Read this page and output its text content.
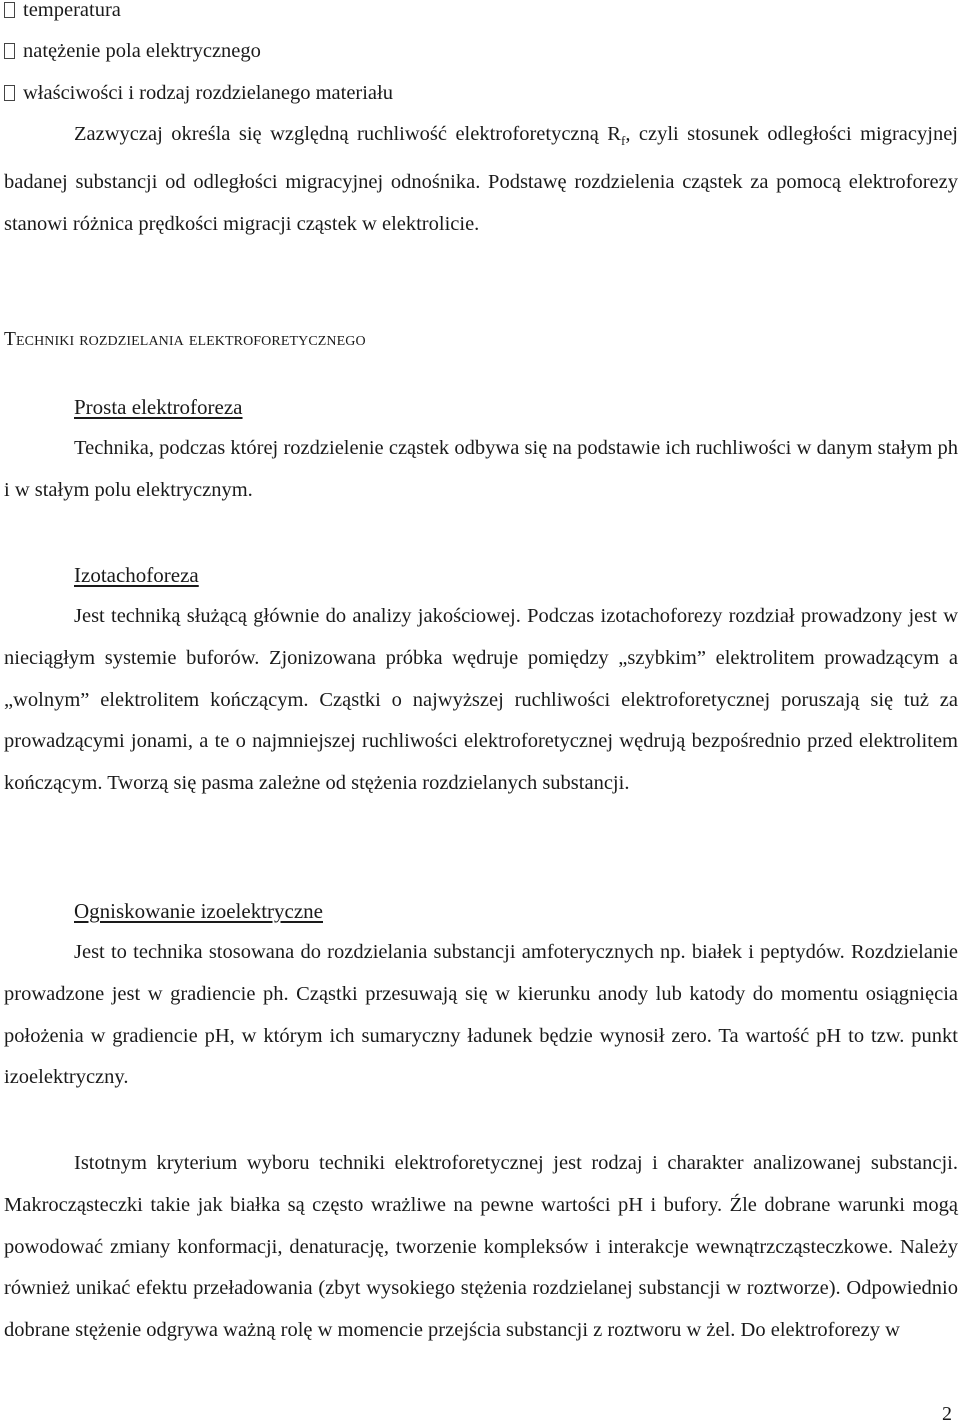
temperatura
natężenie pola elektrycznego
właściwości i rodzaj rozdzielanego materiału

Zazwyczaj określa się względną ruchliwość elektroforetyczną $R_f$, czyli stosunek odległości migracyjnej badanej substancji od odległości migracyjnej odnośnika. Podstawę rozdzielenia cząstek za pomocą elektroforezy stanowi różnica prędkości migracji cząstek w elektrolicie.

Techniki rozdzielania elektroforetycznego
Prosta elektroforeza

Technika, podczas której rozdzielenie cząstek odbywa się na podstawie ich ruchliwości w danym stałym ph i w stałym polu elektrycznym.

Izotachoforeza

Jest techniką służącą głównie do analizy jakościowej. Podczas izotachoforezy rozdział prowadzony jest w nieciągłym systemie buforów. Zjonizowana próbka wędruje pomiędzy „szybkim” elektrolitem prowadzącym a „wolnym” elektrolitem kończącym. Cząstki o najwyższej ruchliwości elektroforetycznej poruszają się tuż za prowadzącymi jonami, a te o najmniejszej ruchliwości elektroforetycznej wędrują bezpośrednio przed elektrolitem kończącym. Tworzą się pasma zależne od stężenia rozdzielanych substancji.

Ogniskowanie izoelektryczne

Jest to technika stosowana do rozdzielania substancji amfoterycznych np. białek i peptydów. Rozdzielanie prowadzone jest w gradiencie ph. Cząstki przesuwają się w kierunku anody lub katody do momentu osiągnięcia położenia w gradiencie pH, w którym ich sumaryczny ładunek będzie wynosił zero. Ta wartość pH to tzw. punkt izoelektryczny.

Istotnym kryterium wyboru techniki elektroforetycznej jest rodzaj i charakter analizowanej substancji. Makrocząsteczki takie jak białka są często wrażliwe na pewne wartości pH i bufory. Źle dobrane warunki mogą powodować zmiany konformacji, denaturację, tworzenie kompleksów i interakcje wewnątrzcząsteczkowe. Należy również unikać efektu przeładowania (zbyt wysokiego stężenia rozdzielanej substancji w roztworze). Odpowiednio dobrane stężenie odgrywa ważną rolę w momencie przejścia substancji z roztworu w żel. Do elektroforezy w

2
